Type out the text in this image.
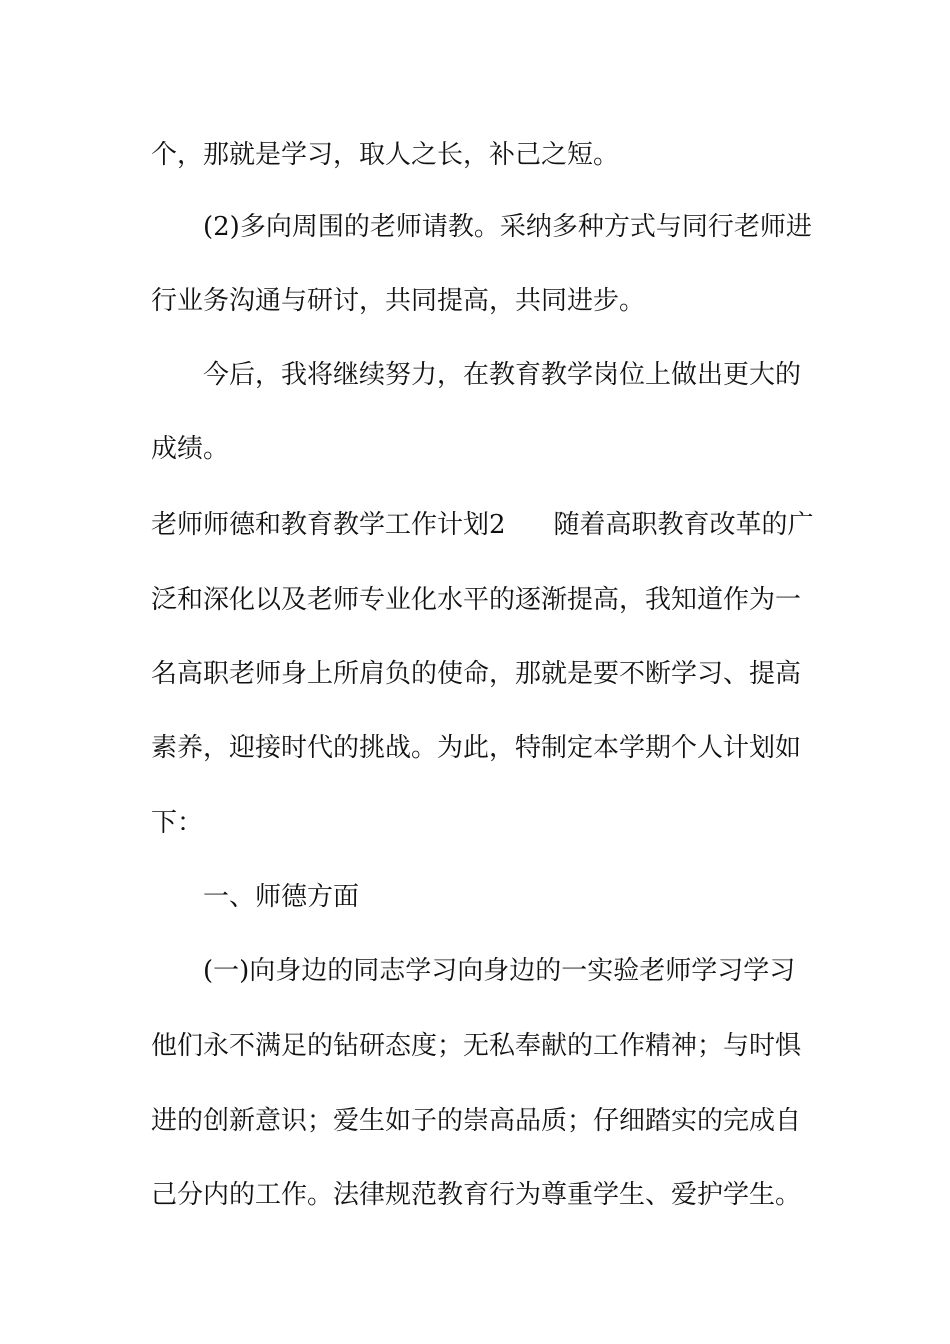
个，那就是学习，取人之长，补己之短。

(2)多向周围的老师请教。采纳多种方式与同行老师进

行业务沟通与研讨，共同提高，共同进步。

今后，我将继续努力，在教育教学岗位上做出更大的

成绩。

老师师德和教育教学工作计划2 随着高职教育改革的广

泛和深化以及老师专业化水平的逐渐提高，我知道作为一

名高职老师身上所肩负的使命，那就是要不断学习、提高

素养，迎接时代的挑战。为此，特制定本学期个人计划如

下：

一、师德方面

(一)向身边的同志学习向身边的一实验老师学习学习

他们永不满足的钻研态度；无私奉献的工作精神；与时惧

进的创新意识；爱生如子的崇高品质；仔细踏实的完成自

己分内的工作。法律规范教育行为尊重学生、爱护学生。
